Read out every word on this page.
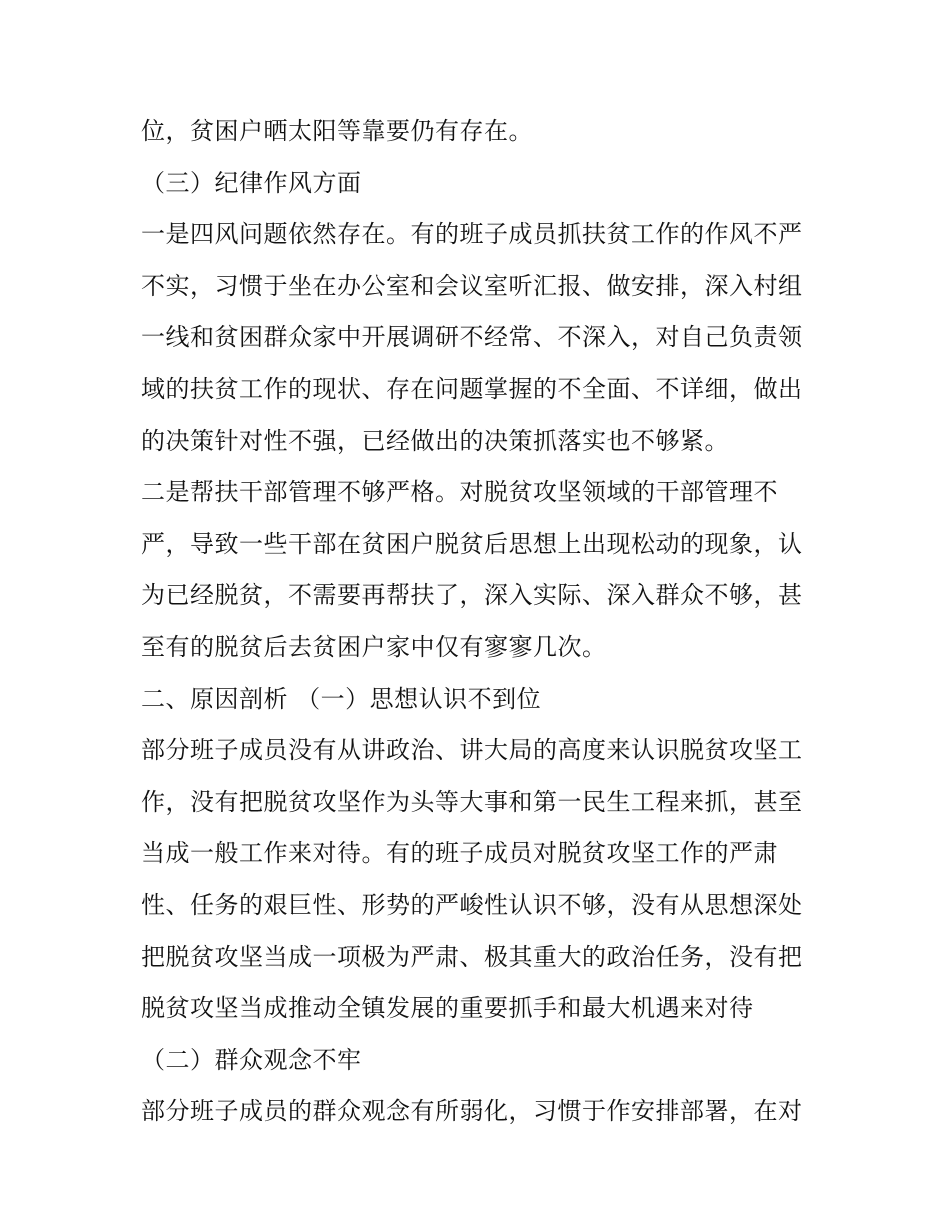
位，贫困户晒太阳等靠要仍有存在。
（三）纪律作风方面
一是四风问题依然存在。有的班子成员抓扶贫工作的作风不严
不实，习惯于坐在办公室和会议室听汇报、做安排，深入村组
一线和贫困群众家中开展调研不经常、不深入，对自己负责领
域的扶贫工作的现状、存在问题掌握的不全面、不详细，做出
的决策针对性不强，已经做出的决策抓落实也不够紧。
二是帮扶干部管理不够严格。对脱贫攻坚领域的干部管理不
严，导致一些干部在贫困户脱贫后思想上出现松动的现象，认
为已经脱贫，不需要再帮扶了，深入实际、深入群众不够，甚
至有的脱贫后去贫困户家中仅有寥寥几次。
二、原因剖析 （一）思想认识不到位
部分班子成员没有从讲政治、讲大局的高度来认识脱贫攻坚工
作，没有把脱贫攻坚作为头等大事和第一民生工程来抓，甚至
当成一般工作来对待。有的班子成员对脱贫攻坚工作的严肃
性、任务的艰巨性、形势的严峻性认识不够，没有从思想深处
把脱贫攻坚当成一项极为严肃、极其重大的政治任务，没有把
脱贫攻坚当成推动全镇发展的重要抓手和最大机遇来对待
（二）群众观念不牢
部分班子成员的群众观念有所弱化，习惯于作安排部署，在对
